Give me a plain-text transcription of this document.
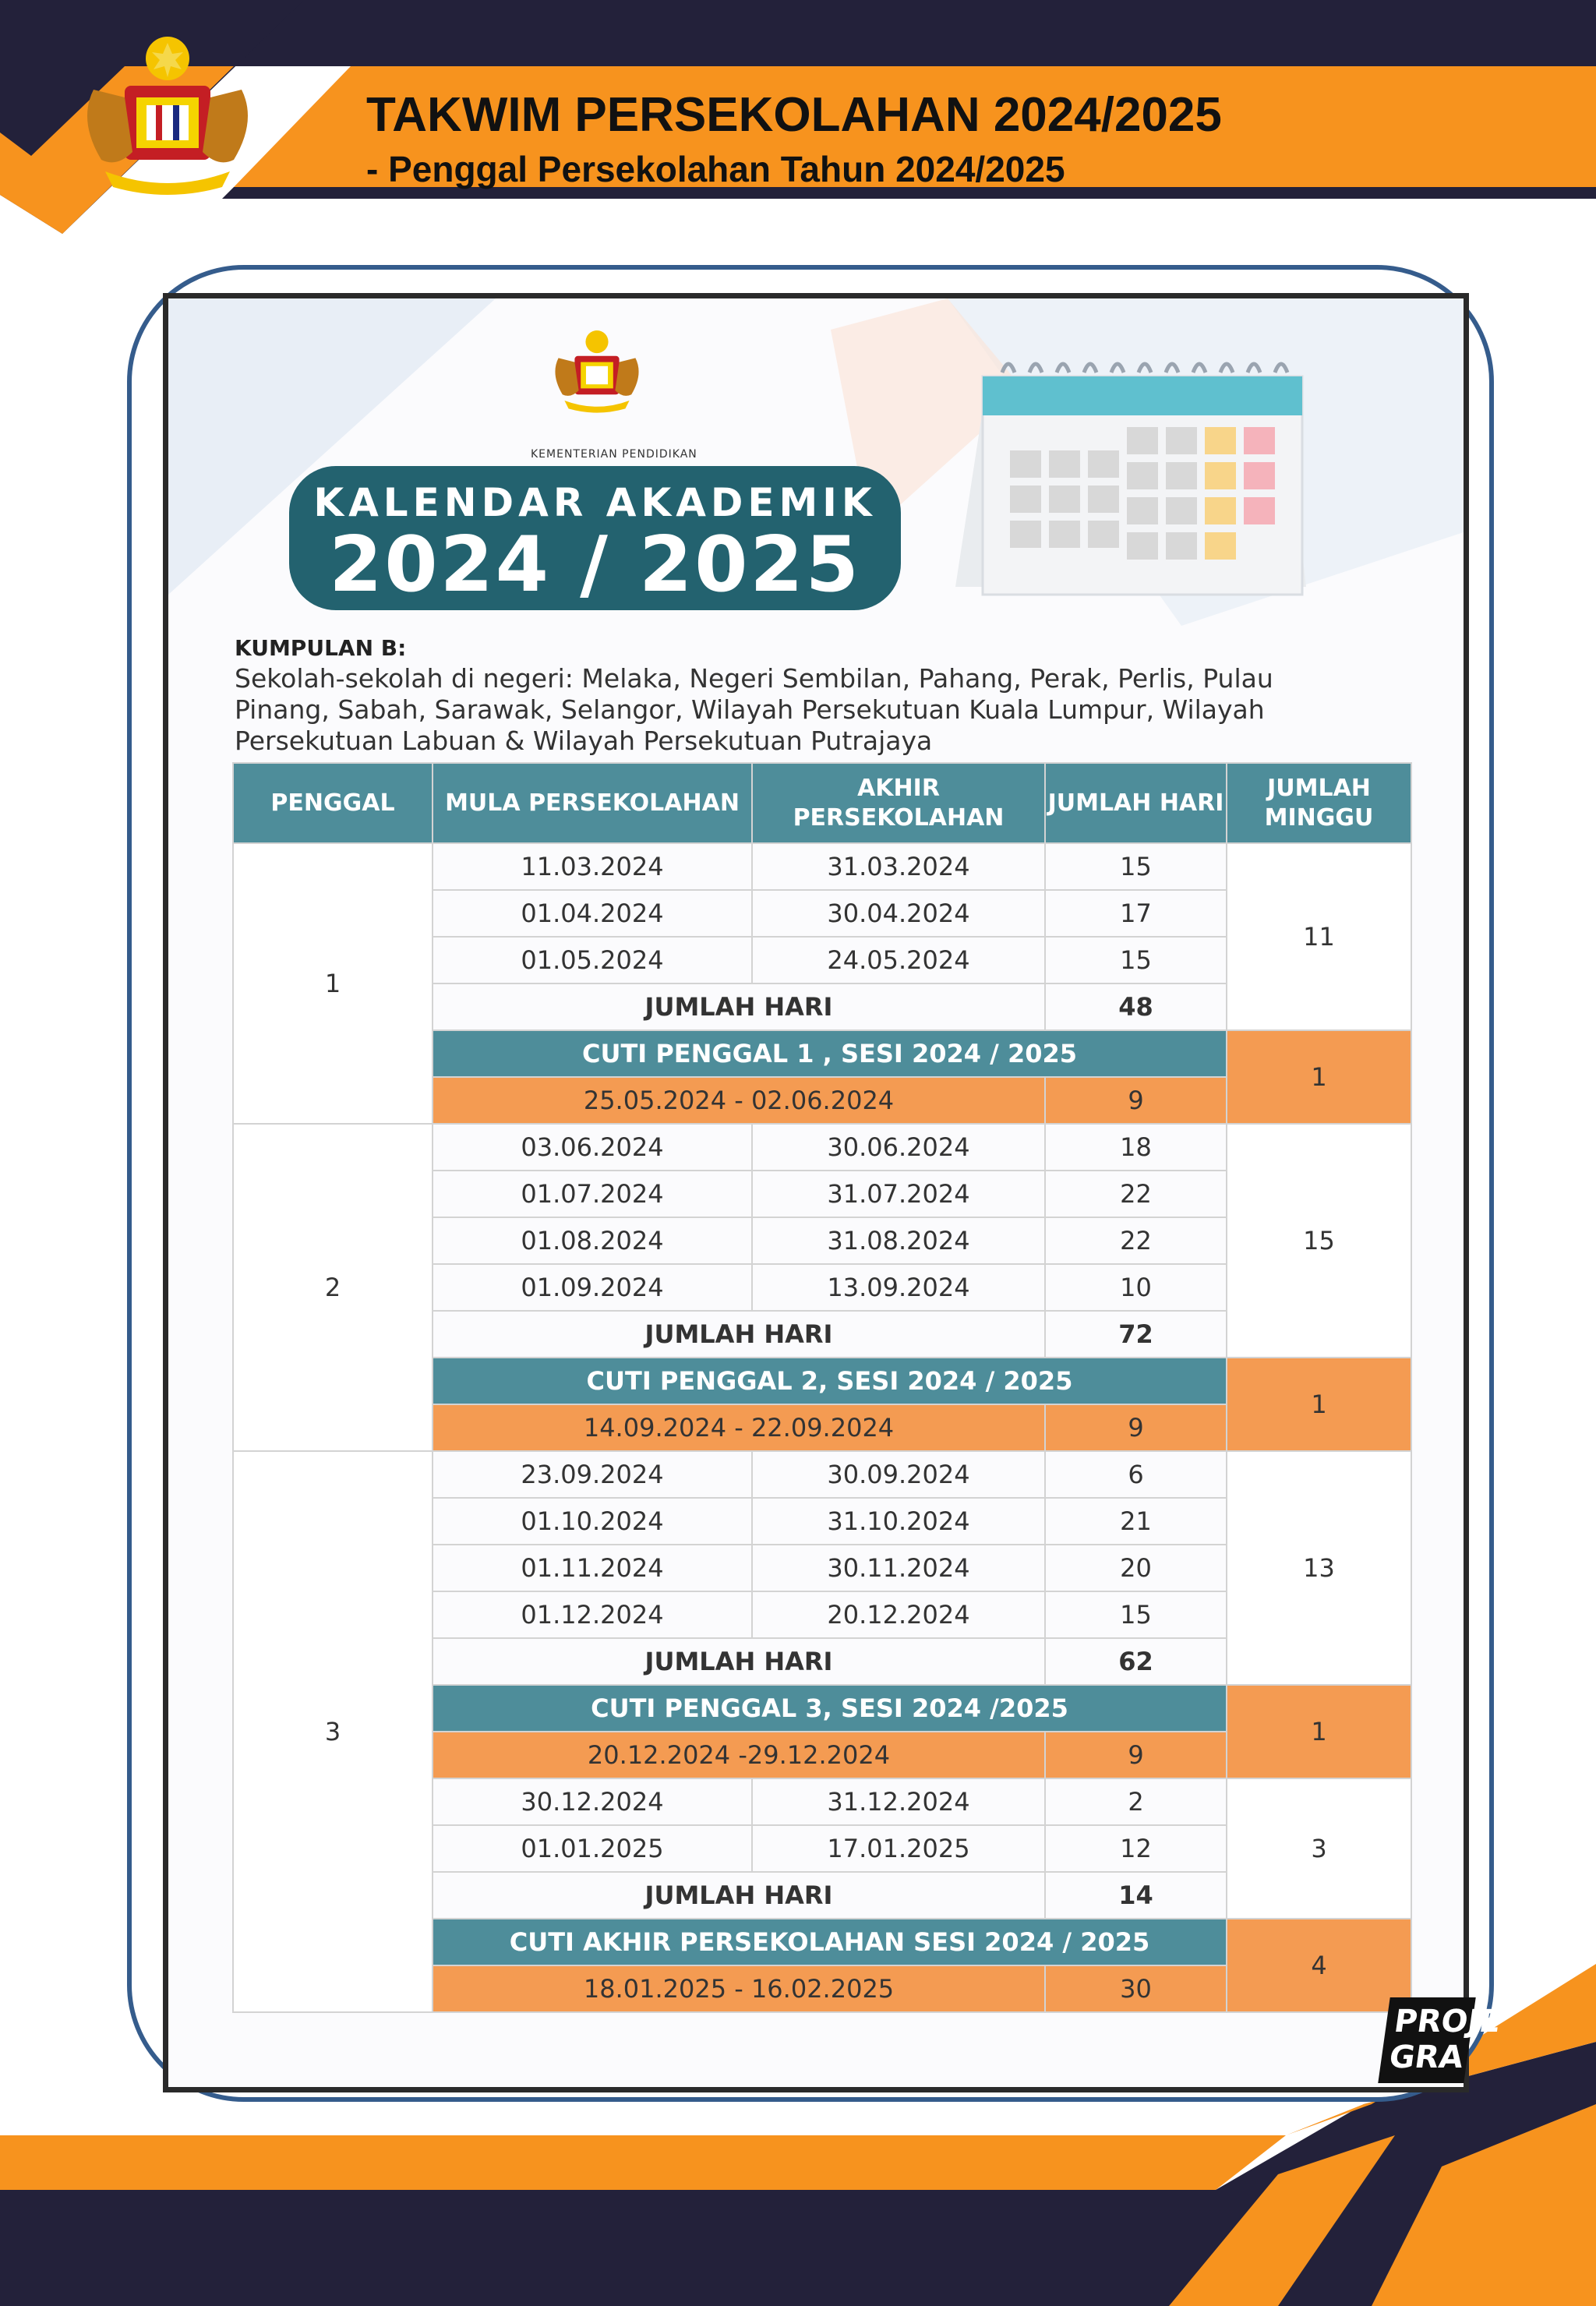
TAKWIM PERSEKOLAHAN 2024/2025
- Penggal Persekolahan Tahun 2024/2025
KEMENTERIAN PENDIDIKAN
KALENDAR AKADEMIK
2024 / 2025
KUMPULAN B:
Sekolah-sekolah di negeri: Melaka, Negeri Sembilan, Pahang, Perak, Perlis, Pulau Pinang, Sabah, Sarawak, Selangor, Wilayah Persekutuan Kuala Lumpur, Wilayah Persekutuan Labuan & Wilayah Persekutuan Putrajaya
PENGGAL	MULA PERSEKOLAHAN	AKHIR PERSEKOLAHAN	JUMLAH HARI	JUMLAH MINGGU
1	11.03.2024	31.03.2024	15	11
	01.04.2024	30.04.2024	17	
	01.05.2024	24.05.2024	15	
	JUMLAH HARI		48	
	CUTI PENGGAL 1 , SESI 2024 / 2025			1
	25.05.2024 - 02.06.2024		9	
2	03.06.2024	30.06.2024	18	15
	01.07.2024	31.07.2024	22	
	01.08.2024	31.08.2024	22	
	01.09.2024	13.09.2024	10	
	JUMLAH HARI		72	
	CUTI PENGGAL 2, SESI 2024 / 2025			1
	14.09.2024 - 22.09.2024		9	
3	23.09.2024	30.09.2024	6	13
	01.10.2024	31.10.2024	21	
	01.11.2024	30.11.2024	20	
	01.12.2024	20.12.2024	15	
	JUMLAH HARI		62	
	CUTI PENGGAL 3, SESI 2024 /2025			1
	20.12.2024 -29.12.2024		9	
	30.12.2024	31.12.2024	2	3
	01.01.2025	17.01.2025	12	
	JUMLAH HARI		14	
	CUTI AKHIR PERSEKOLAHAN SESI 2024 / 2025			4
	18.01.2025 - 16.02.2025		30	
PROJE GRA
